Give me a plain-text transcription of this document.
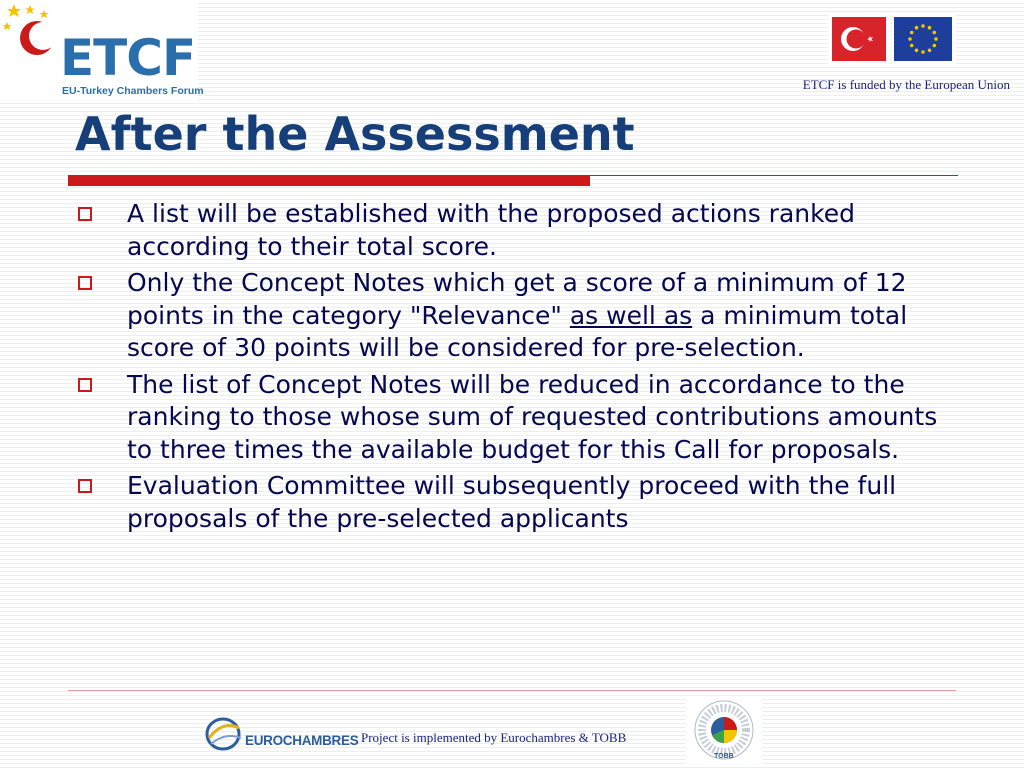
ETCF
EU-Turkey Chambers Forum	ETCF is funded by the European Union
After the Assessment
A list will be established with the proposed actions ranked according to their total score.
Only the Concept Notes which get a score of a minimum of 12 points in the category "Relevance" as well as a minimum total score of 30 points will be considered for pre-selection.
The list of Concept Notes will be reduced in accordance to the ranking to those whose sum of requested contributions amounts to three times the available budget for this Call for proposals.
Evaluation Committee will subsequently proceed with the full proposals of the pre-selected applicants
EUROCHAMBRES Project is implemented by Eurochambres & TOBB
TOBB
